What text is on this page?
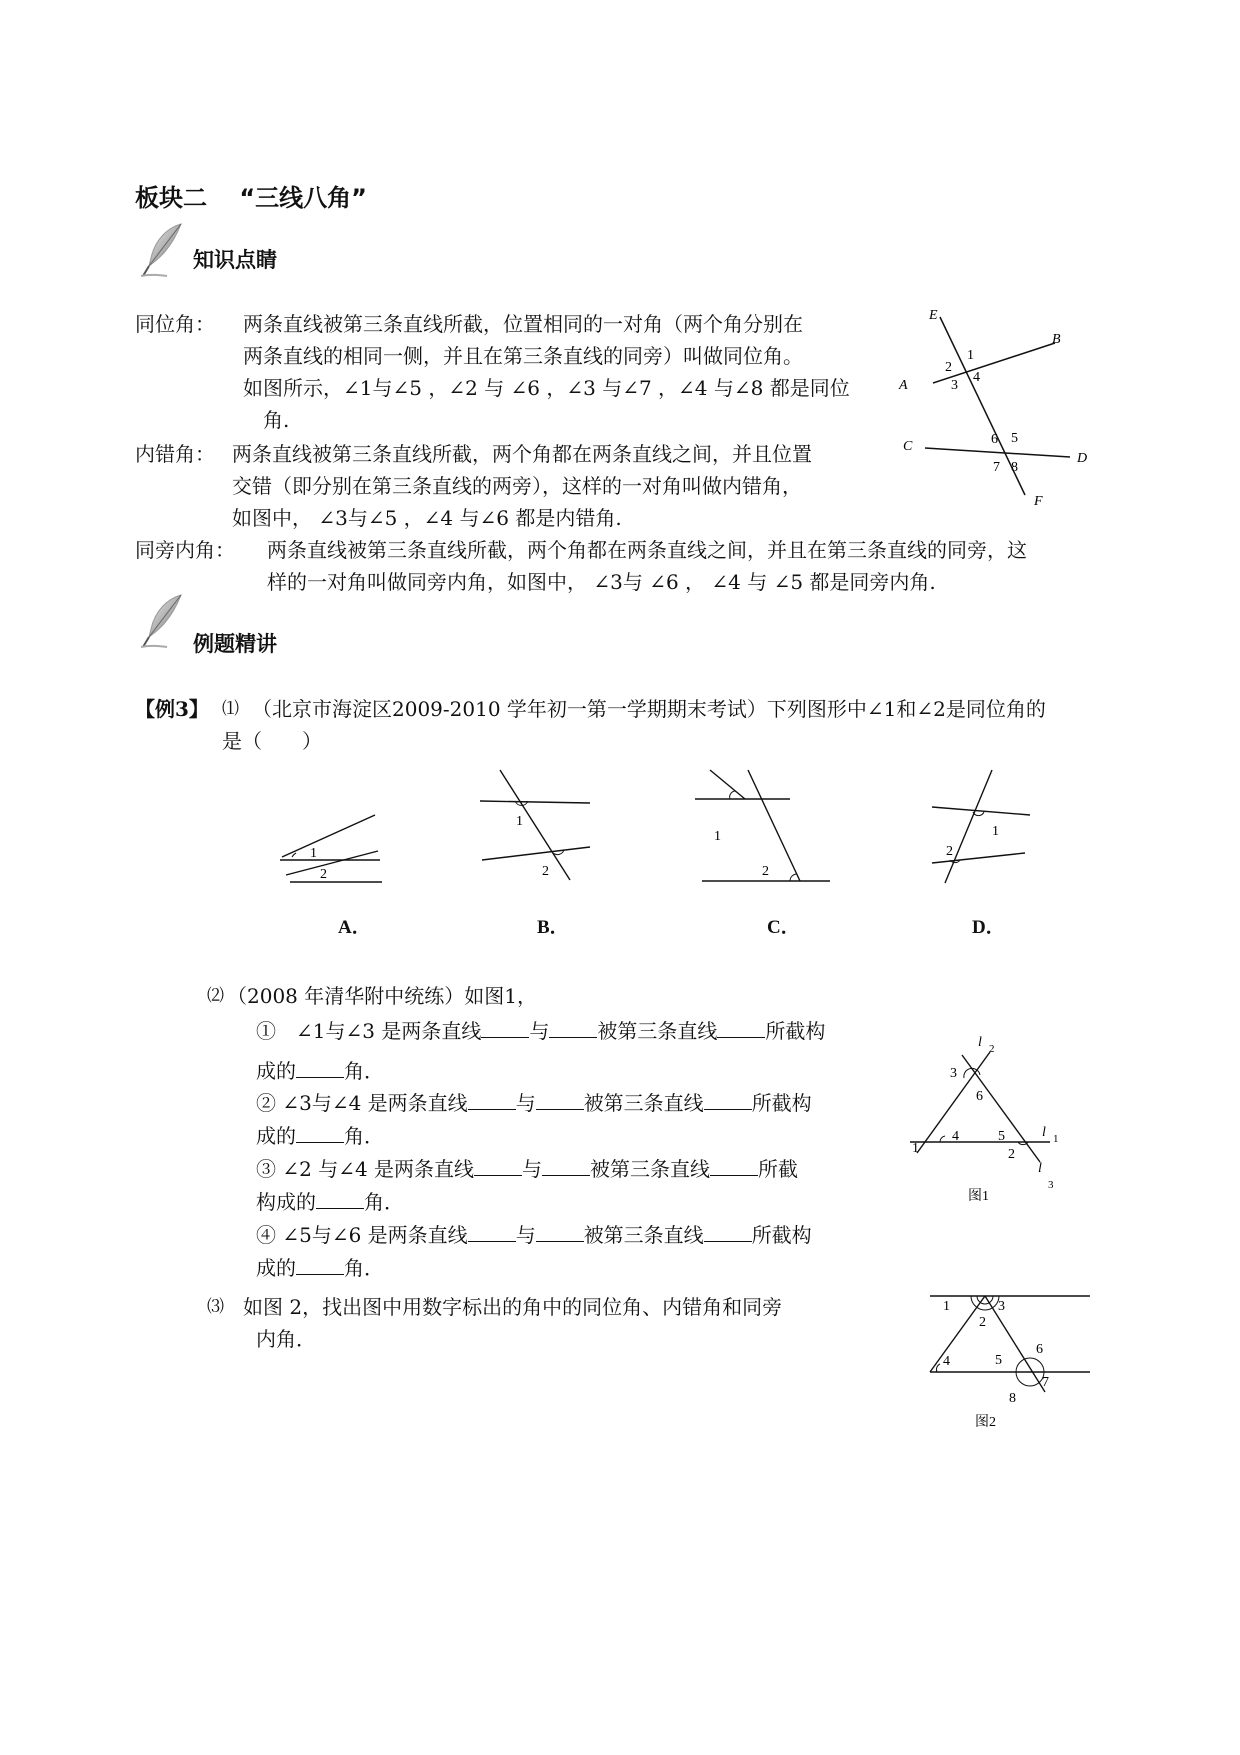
板块二　 “三线八角”
知识点睛
同位角： 两条直线被第三条直线所截，位置相同的一对角（两个角分别在
两条直线的相同一侧，并且在第三条直线的同旁）叫做同位角。
如图所示，∠1与∠5 ，∠2 与 ∠6 ，∠3 与∠7 ，∠4 与∠8 都是同位
角.
内错角： 两条直线被第三条直线所截，两个角都在两条直线之间，并且位置
交错（即分别在第三条直线的两旁），这样的一对角叫做内错角，
如图中， ∠3与∠5 ，∠4 与∠6 都是内错角.
同旁内角： 两条直线被第三条直线所截，两个角都在两条直线之间，并且在第三条直线的同旁，这
样的一对角叫做同旁内角，如图中， ∠3与 ∠6 ， ∠4 与 ∠5 都是同旁内角.
E
B
A
C
D
F
1
2
3
4
5
6
7 8
例题精讲
【例3】 ⑴ （北京市海淀区2009-2010 学年初一第一学期期末考试）下列图形中∠1和∠2是同位角的
是（　　）
1
2
1
2
1
2
1
2
A．	B．	C．	D．
⑵ （2008 年清华附中统练）如图1，
①　∠1与∠3 是两条直线 与 被第三条直线 所截构
成的 角．
② ∠3与∠4 是两条直线 与 被第三条直线 所截构
成的 角．
③ ∠2 与∠4 是两条直线 与 被第三条直线 所截
构成的 角．
④ ∠5与∠6 是两条直线 与 被第三条直线 所截构
成的 角．
l 2
l 1
l
3
1	2
3
4	5
6
图1
⑶ 如图 2，找出图中用数字标出的角中的同位角、内错角和同旁
内角．
1
2
3
4	5
6
7
8
图2
